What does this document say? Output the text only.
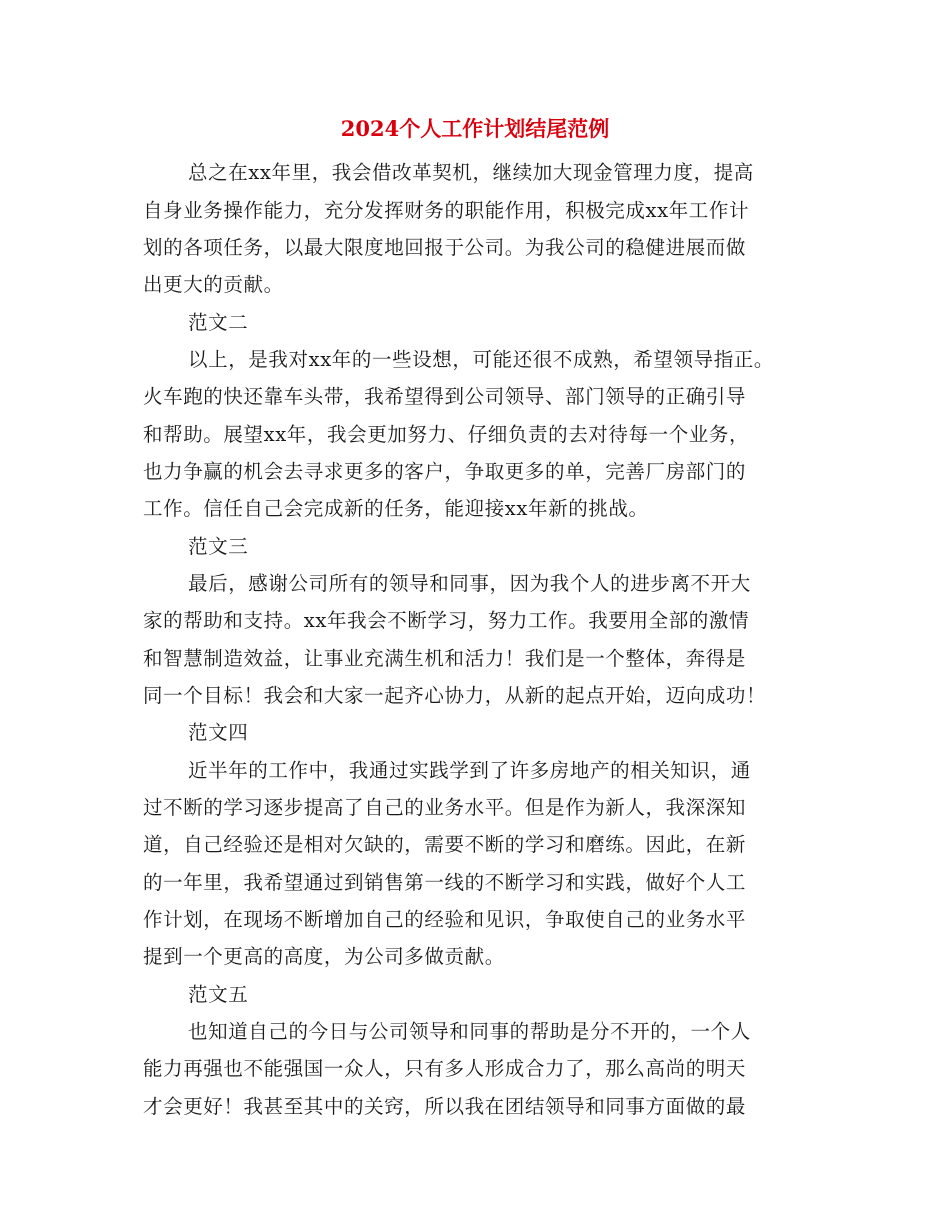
2024个人工作计划结尾范例
总之在xx年里，我会借改革契机，继续加大现金管理力度，提高
自身业务操作能力，充分发挥财务的职能作用，积极完成xx年工作计
划的各项任务，以最大限度地回报于公司。为我公司的稳健进展而做
出更大的贡献。
范文二
以上，是我对xx年的一些设想，可能还很不成熟，希望领导指正。
火车跑的快还靠车头带，我希望得到公司领导、部门领导的正确引导
和帮助。展望xx年，我会更加努力、仔细负责的去对待每一个业务，
也力争赢的机会去寻求更多的客户，争取更多的单，完善厂房部门的
工作。信任自己会完成新的任务，能迎接xx年新的挑战。
范文三
最后，感谢公司所有的领导和同事，因为我个人的进步离不开大
家的帮助和支持。xx年我会不断学习，努力工作。我要用全部的激情
和智慧制造效益，让事业充满生机和活力！我们是一个整体，奔得是
同一个目标！我会和大家一起齐心协力，从新的起点开始，迈向成功！
范文四
近半年的工作中，我通过实践学到了许多房地产的相关知识，通
过不断的学习逐步提高了自己的业务水平。但是作为新人，我深深知
道，自己经验还是相对欠缺的，需要不断的学习和磨练。因此，在新
的一年里，我希望通过到销售第一线的不断学习和实践，做好个人工
作计划，在现场不断增加自己的经验和见识，争取使自己的业务水平
提到一个更高的高度，为公司多做贡献。
范文五
也知道自己的今日与公司领导和同事的帮助是分不开的，一个人
能力再强也不能强国一众人，只有多人形成合力了，那么高尚的明天
才会更好！我甚至其中的关窍，所以我在团结领导和同事方面做的最
